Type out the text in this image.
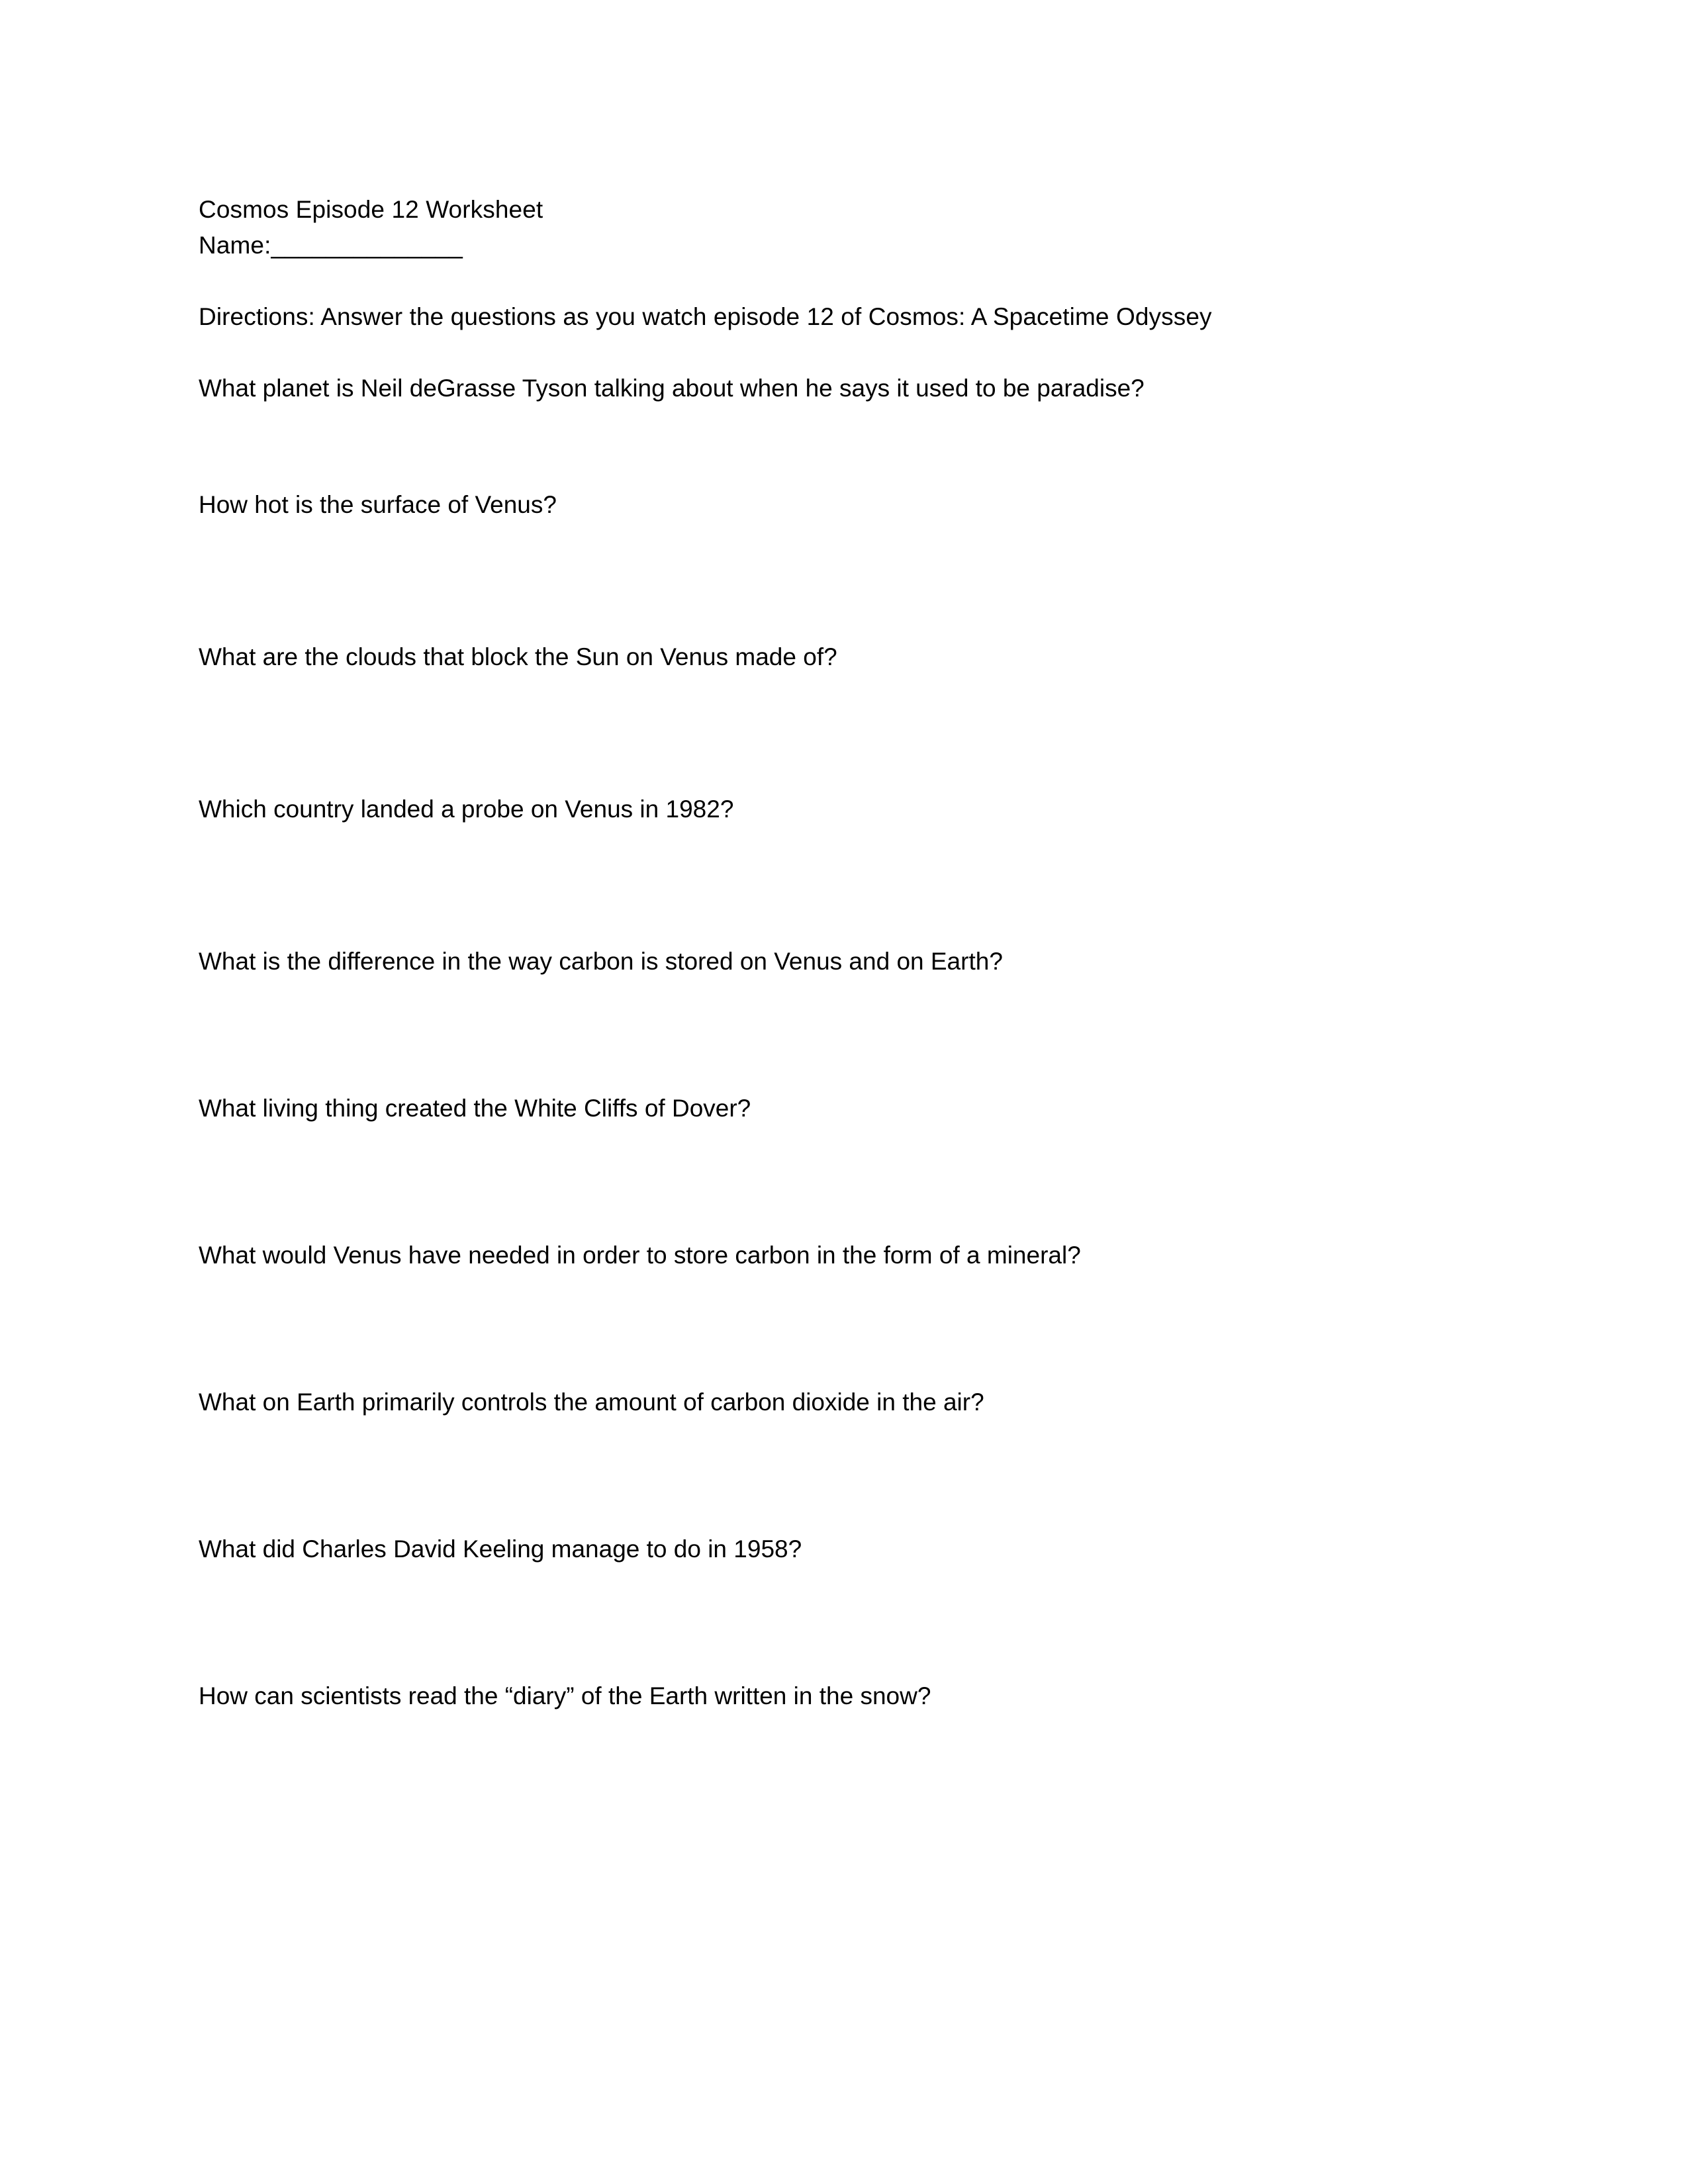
Cosmos Episode 12 Worksheet
Name:______________
Directions: Answer the questions as you watch episode 12 of Cosmos: A Spacetime Odyssey
What planet is Neil deGrasse Tyson talking about when he says it used to be paradise?
How hot is the surface of Venus?
What are the clouds that block the Sun on Venus made of?
Which country landed a probe on Venus in 1982?
What is the difference in the way carbon is stored on Venus and on Earth?
What living thing created the White Cliffs of Dover?
What would Venus have needed in order to store carbon in the form of a mineral?
What on Earth primarily controls the amount of carbon dioxide in the air?
What did Charles David Keeling manage to do in 1958?
How can scientists read the “diary” of the Earth written in the snow?
